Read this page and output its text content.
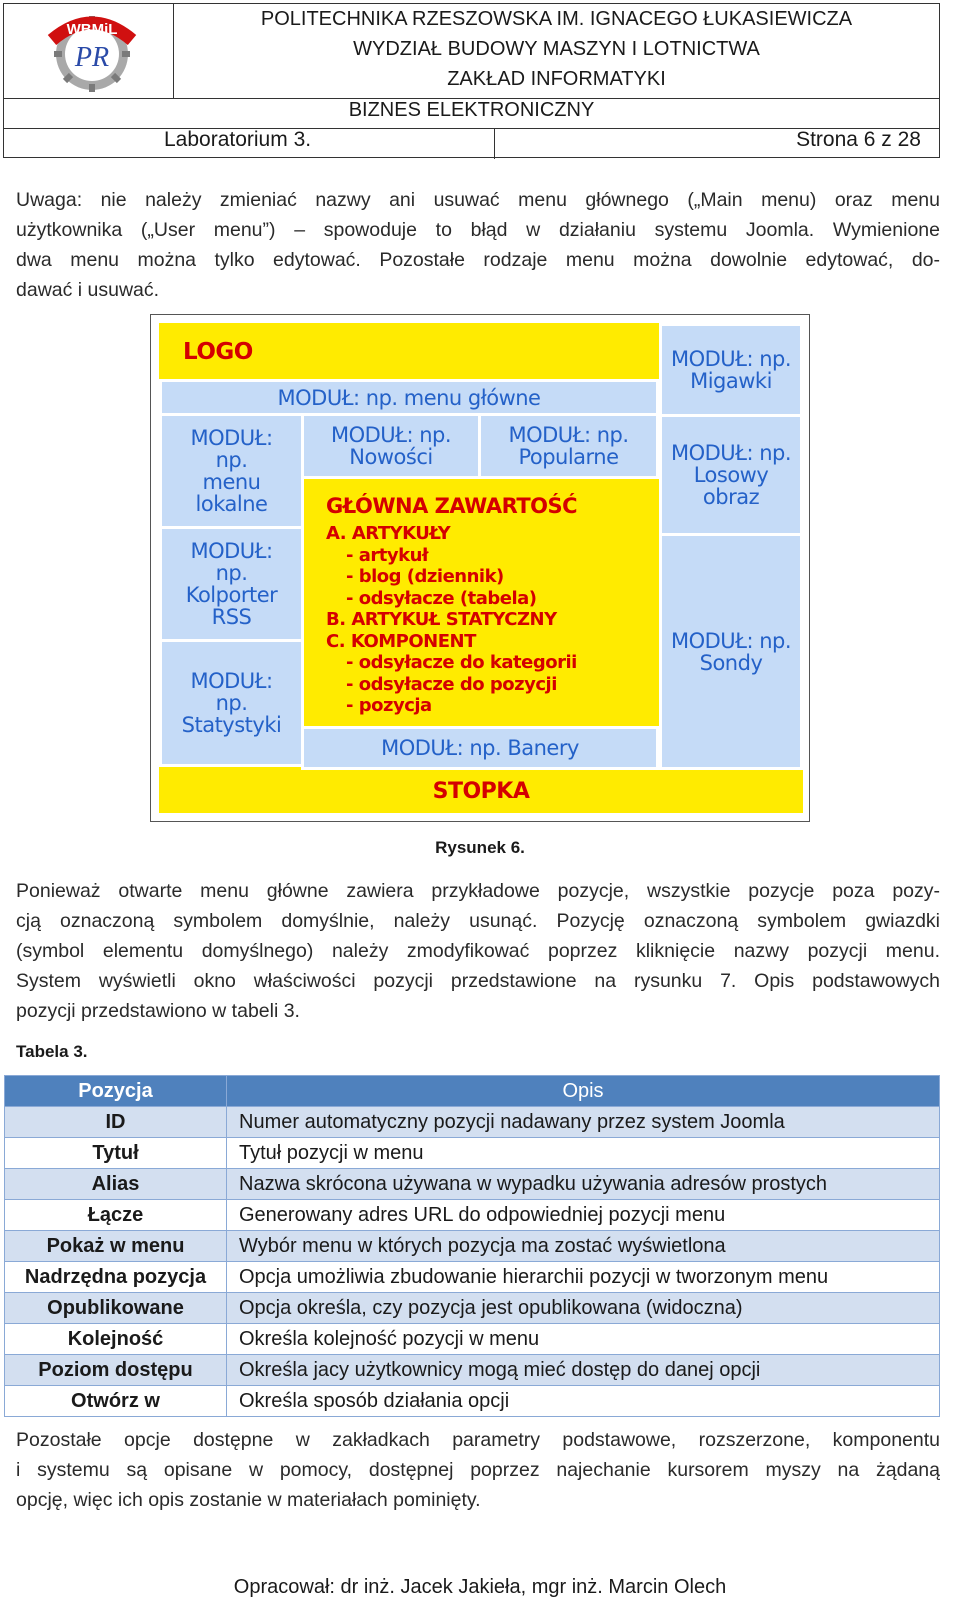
WBMiL
PR
POLITECHNIKA RZESZOWSKA IM. IGNACEGO ŁUKASIEWICZA
WYDZIAŁ BUDOWY MASZYN I LOTNICTWA
ZAKŁAD INFORMATYKI
BIZNES ELEKTRONICZNY
Laboratorium 3.	Strona 6 z 28
Uwaga: nie należy zmieniać nazwy ani usuwać menu głównego („Main menu) oraz menu
użytkownika („User menu”) – spowoduje to błąd w działaniu systemu Joomla. Wymienione
dwa menu można tylko edytować. Pozostałe rodzaje menu można dowolnie edytować, do-
dawać i usuwać.
LOGO
MODUŁ: np. menu główne
MODUŁ:
np.
menu
lokalne
MODUŁ:
np.
Kolporter
RSS
MODUŁ:
np.
Statystyki
MODUŁ: np.
Nowości
MODUŁ: np.
Popularne
GŁÓWNA ZAWARTOŚĆ
A. ARTYKUŁY
- artykuł
- blog (dziennik)
- odsyłacze (tabela)
B. ARTYKUŁ STATYCZNY
C. KOMPONENT
- odsyłacze do kategorii
- odsyłacze do pozycji
- pozycja
MODUŁ: np. Banery
MODUŁ: np.
Migawki
MODUŁ: np.
Losowy
obraz
MODUŁ: np.
Sondy
STOPKA
Rysunek 6.
Ponieważ otwarte menu główne zawiera przykładowe pozycje, wszystkie pozycje poza pozy-
cją oznaczoną symbolem domyślnie, należy usunąć. Pozycję oznaczoną symbolem gwiazdki
(symbol elementu domyślnego) należy zmodyfikować poprzez kliknięcie nazwy pozycji menu.
System wyświetli okno właściwości pozycji przedstawione na rysunku 7. Opis podstawowych
pozycji przedstawiono w tabeli 3.
Tabela 3.
Pozycja	Opis
ID	Numer automatyczny pozycji nadawany przez system Joomla
Tytuł	Tytuł pozycji w menu
Alias	Nazwa skrócona używana w wypadku używania adresów prostych
Łącze	Generowany adres URL do odpowiedniej pozycji menu
Pokaż w menu	Wybór menu w których pozycja ma zostać wyświetlona
Nadrzędna pozycja	Opcja umożliwia zbudowanie hierarchii pozycji w tworzonym menu
Opublikowane	Opcja określa, czy pozycja jest opublikowana (widoczna)
Kolejność	Określa kolejność pozycji w menu
Poziom dostępu	Określa jacy użytkownicy mogą mieć dostęp do danej opcji
Otwórz w	Określa sposób działania opcji
Pozostałe opcje dostępne w zakładkach parametry podstawowe, rozszerzone, komponentu
i systemu są opisane w pomocy, dostępnej poprzez najechanie kursorem myszy na żądaną
opcję, więc ich opis zostanie w materiałach pominięty.
Opracował: dr inż. Jacek Jakieła, mgr inż. Marcin Olech
